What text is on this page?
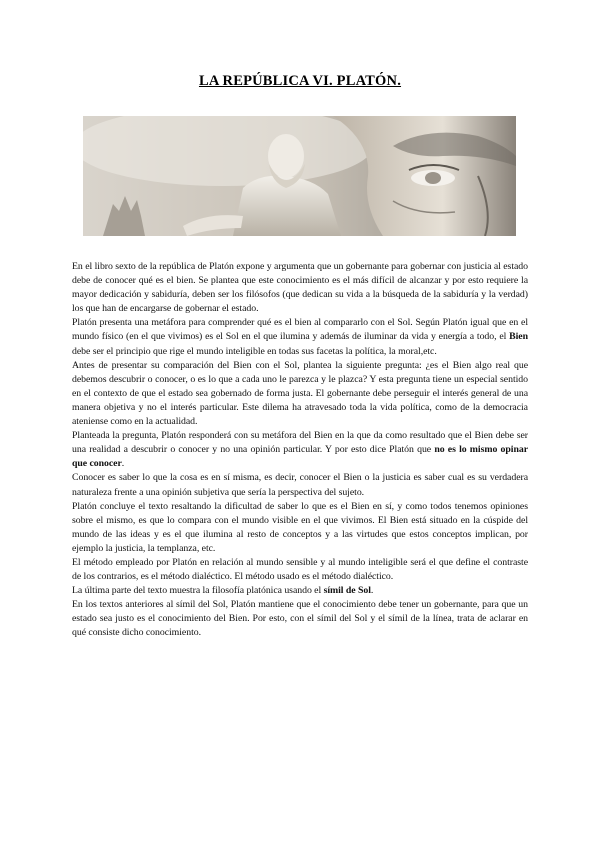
LA REPÚBLICA VI. PLATÓN.

En el libro sexto de la república de Platón expone y argumenta que un gobernante para gobernar con justicia al estado debe de conocer qué es el bien. Se plantea que este conocimiento es el más difícil de alcanzar y por esto requiere la mayor dedicación y sabiduría, deben ser los filósofos (que dedican su vida a la búsqueda de la sabiduría y la verdad) los que han de encargarse de gobernar el estado.

Platón presenta una metáfora para comprender qué es el bien al compararlo con el Sol. Según Platón igual que en el mundo físico (en el que vivimos) es el Sol en el que ilumina y además de iluminar da vida y energía a todo, el Bien debe ser el principio que rige el mundo inteligible en todas sus facetas la política, la moral,etc.

Antes de presentar su comparación del Bien con el Sol, plantea la siguiente pregunta: ¿es el Bien algo real que debemos descubrir o conocer, o es lo que a cada uno le parezca y le plazca? Y esta pregunta tiene un especial sentido en el contexto de que el estado sea gobernado de forma justa. El gobernante debe perseguir el interés general de una manera objetiva y no el interés particular. Este dilema ha atravesado toda la vida política, como de la democracia ateniense como en la actualidad.

Planteada la pregunta, Platón responderá con su metáfora del Bien en la que da como resultado que el Bien debe ser una realidad a descubrir o conocer y no una opinión particular. Y por esto dice Platón que no es lo mismo opinar que conocer.

Conocer es saber lo que la cosa es en sí misma, es decir, conocer el Bien o la justicia es saber cual es su verdadera naturaleza frente a una opinión subjetiva que sería la perspectiva del sujeto.

Platón concluye el texto resaltando la dificultad de saber lo que es el Bien en sí, y como todos tenemos opiniones sobre el mismo, es que lo compara con el mundo visible en el que vivimos. El Bien está situado en la cúspide del mundo de las ideas y es el que ilumina al resto de conceptos y a las virtudes que estos conceptos implican, por ejemplo la justicia, la templanza, etc.

El método empleado por Platón en relación al mundo sensible y al mundo inteligible será el que define el contraste de los contrarios, es el método dialéctico. El método usado es el método dialéctico.

La última parte del texto muestra la filosofía platónica usando el símil de Sol.

En los textos anteriores al símil del Sol, Platón mantiene que el conocimiento debe tener un gobernante, para que un estado sea justo es el conocimiento del Bien. Por esto, con el símil del Sol y el símil de la línea, trata de aclarar en qué consiste dicho conocimiento.
